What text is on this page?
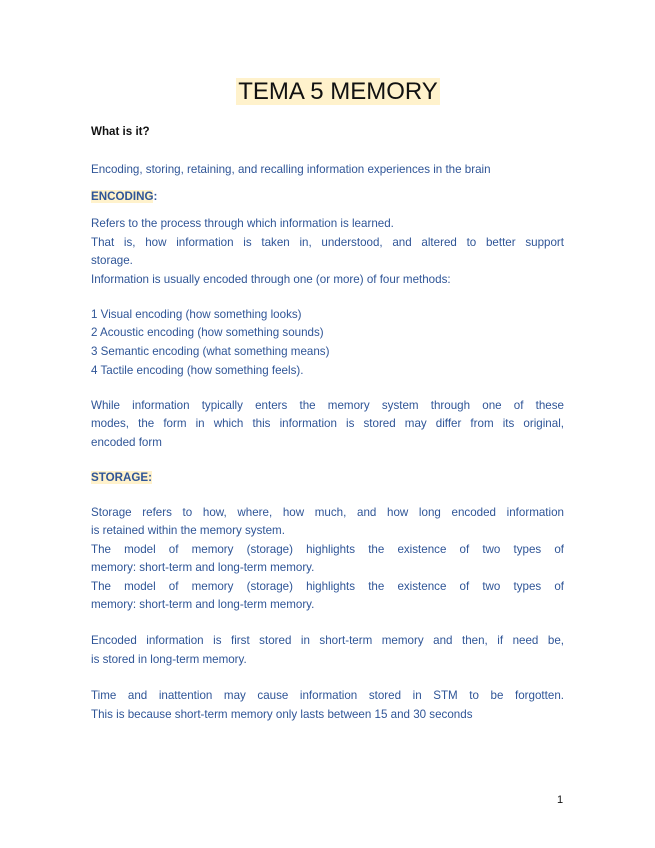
TEMA 5 MEMORY
What is it?
Encoding, storing, retaining, and recalling information experiences in the brain
ENCODING:
Refers to the process through which information is learned.
That is, how information is taken in, understood, and altered to better support
storage.
Information is usually encoded through one (or more) of four methods:
1 Visual encoding (how something looks)
2 Acoustic encoding (how something sounds)
3 Semantic encoding (what something means)
4 Tactile encoding (how something feels).
While information typically enters the memory system through one of these
modes, the form in which this information is stored may differ from its original,
encoded form
STORAGE:
Storage refers to how, where, how much, and how long encoded information
is retained within the memory system.
The model of memory (storage) highlights the existence of two types of
memory: short-term and long-term memory.
The model of memory (storage) highlights the existence of two types of
memory: short-term and long-term memory.
Encoded information is first stored in short-term memory and then, if need be,
is stored in long-term memory.
Time and inattention may cause information stored in STM to be forgotten.
This is because short-term memory only lasts between 15 and 30 seconds
1
